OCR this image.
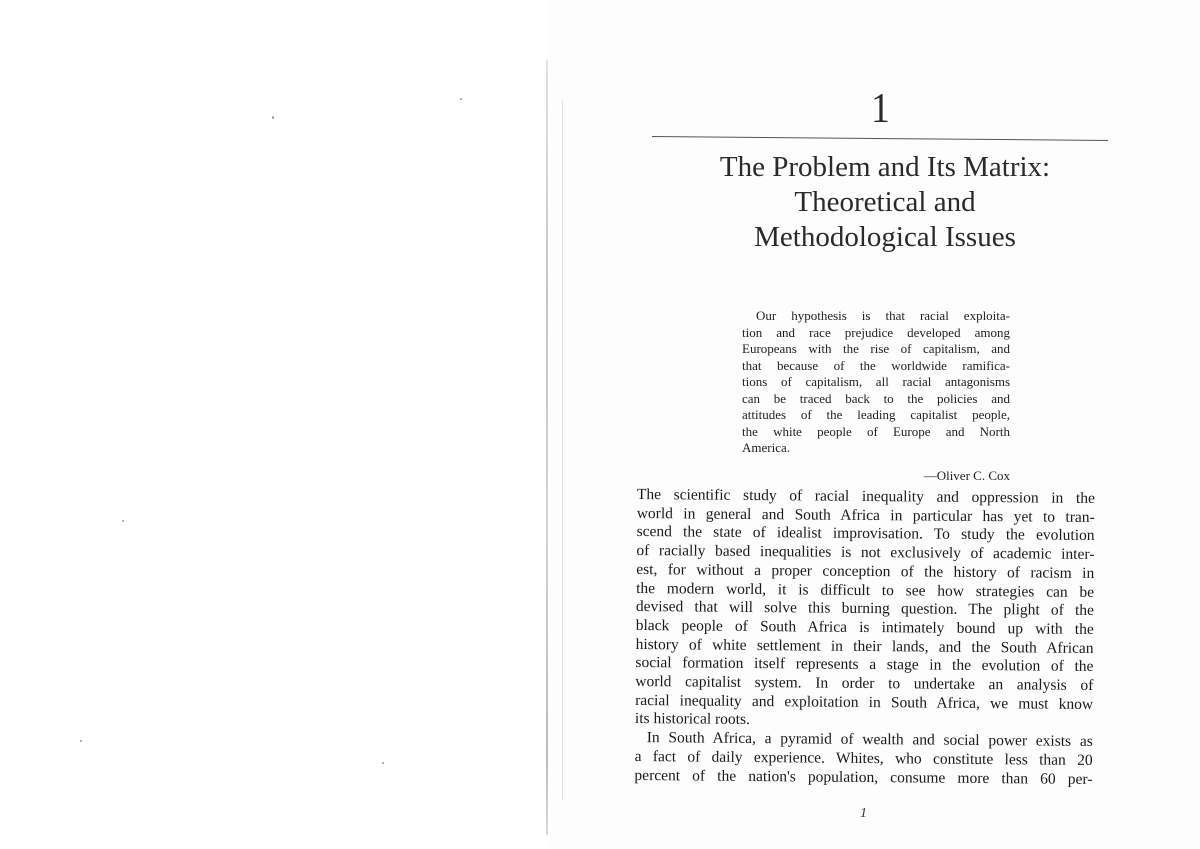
1
The Problem and Its Matrix:
Theoretical and
Methodological Issues
Our hypothesis is that racial exploita-
tion and race prejudice developed among
Europeans with the rise of capitalism, and
that because of the worldwide ramifica-
tions of capitalism, all racial antagonisms
can be traced back to the policies and
attitudes of the leading capitalist people,
the white people of Europe and North
America.
—Oliver C. Cox
The scientific study of racial inequality and oppression in the
world in general and South Africa in particular has yet to tran-
scend the state of idealist improvisation. To study the evolution
of racially based inequalities is not exclusively of academic inter-
est, for without a proper conception of the history of racism in
the modern world, it is difficult to see how strategies can be
devised that will solve this burning question. The plight of the
black people of South Africa is intimately bound up with the
history of white settlement in their lands, and the South African
social formation itself represents a stage in the evolution of the
world capitalist system. In order to undertake an analysis of
racial inequality and exploitation in South Africa, we must know
its historical roots.
In South Africa, a pyramid of wealth and social power exists as
a fact of daily experience. Whites, who constitute less than 20
percent of the nation's population, consume more than 60 per-
1
